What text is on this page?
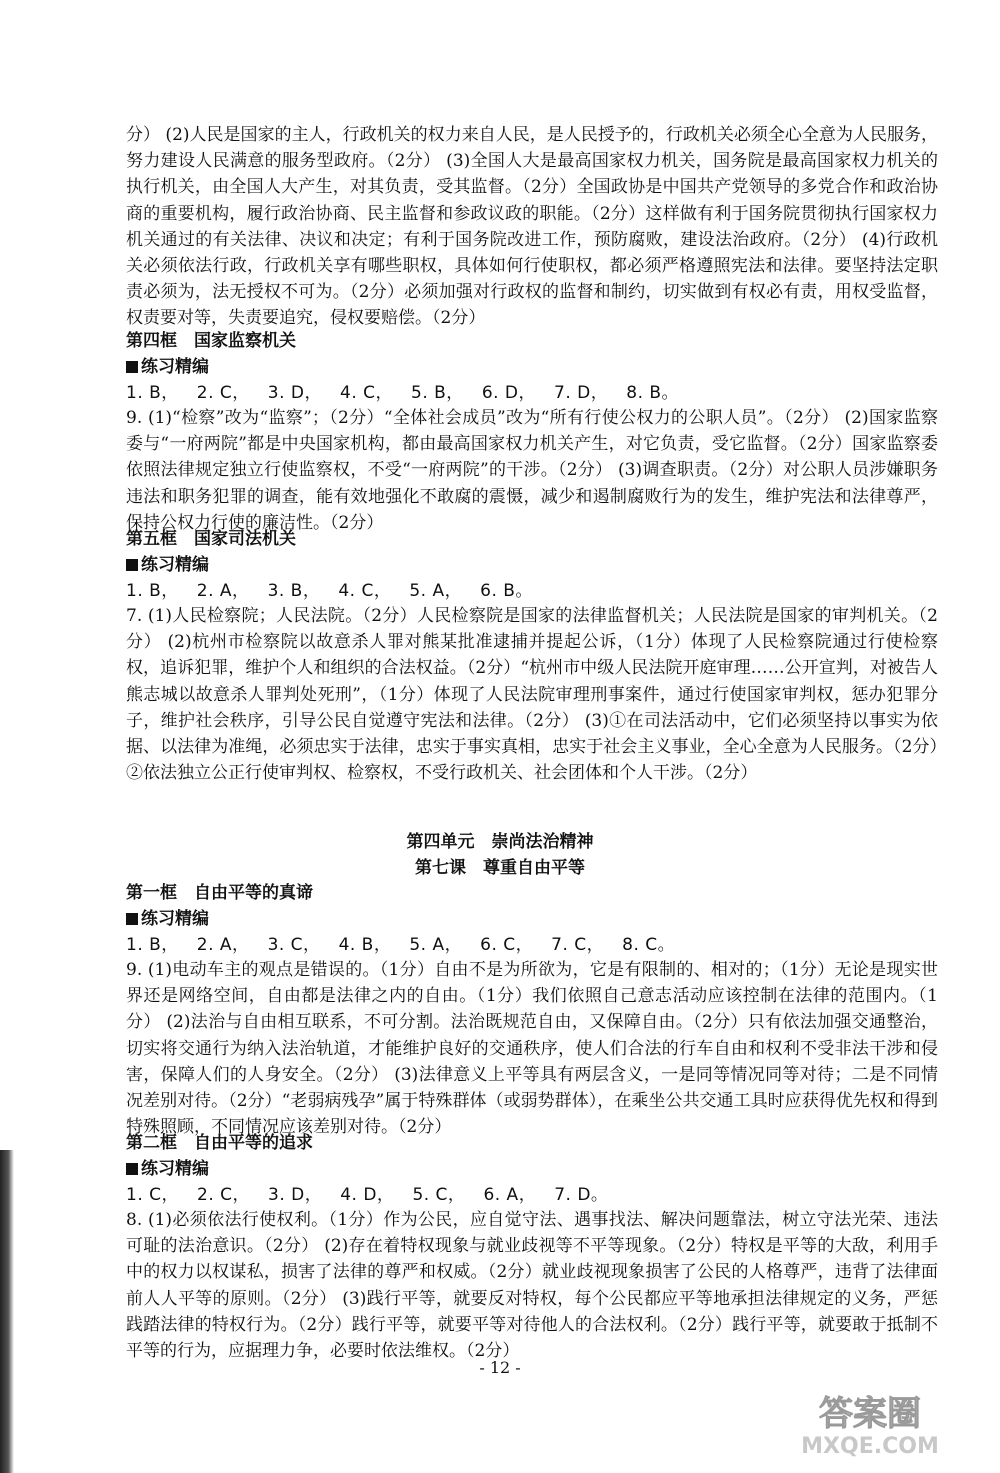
分） (2)人民是国家的主人，行政机关的权力来自人民，是人民授予的，行政机关必须全心全意为人民服务，努力建设人民满意的服务型政府。（2分） (3)全国人大是最高国家权力机关，国务院是最高国家权力机关的执行机关，由全国人大产生，对其负责，受其监督。（2分）全国政协是中国共产党领导的多党合作和政治协商的重要机构，履行政治协商、民主监督和参政议政的职能。（2分）这样做有利于国务院贯彻执行国家权力机关通过的有关法律、决议和决定；有利于国务院改进工作，预防腐败，建设法治政府。（2分） (4)行政机关必须依法行政，行政机关享有哪些职权，具体如何行使职权，都必须严格遵照宪法和法律。要坚持法定职责必须为，法无授权不可为。（2分）必须加强对行政权的监督和制约，切实做到有权必有责，用权受监督，权责要对等，失责要追究，侵权要赔偿。（2分）

第四框　国家监察机关
练习精编
1. B， 2. C， 3. D， 4. C， 5. B， 6. D， 7. D， 8. B。

9. (1)“检察”改为“监察”；（2分）“全体社会成员”改为“所有行使公权力的公职人员”。（2分） (2)国家监察委与“一府两院”都是中央国家机构，都由最高国家权力机关产生，对它负责，受它监督。（2分）国家监察委依照法律规定独立行使监察权，不受“一府两院”的干涉。（2分） (3)调查职责。（2分）对公职人员涉嫌职务违法和职务犯罪的调查，能有效地强化不敢腐的震慑，减少和遏制腐败行为的发生，维护宪法和法律尊严，保持公权力行使的廉洁性。（2分）

第五框　国家司法机关
练习精编
1. B， 2. A， 3. B， 4. C， 5. A， 6. B。

7. (1)人民检察院；人民法院。（2分）人民检察院是国家的法律监督机关；人民法院是国家的审判机关。（2分） (2)杭州市检察院以故意杀人罪对熊某批准逮捕并提起公诉，（1分）体现了人民检察院通过行使检察权，追诉犯罪，维护个人和组织的合法权益。（2分）“杭州市中级人民法院开庭审理……公开宣判，对被告人熊志城以故意杀人罪判处死刑”，（1分）体现了人民法院审理刑事案件，通过行使国家审判权，惩办犯罪分子，维护社会秩序，引导公民自觉遵守宪法和法律。（2分） (3)①在司法活动中，它们必须坚持以事实为依据、以法律为准绳，必须忠实于法律，忠实于事实真相，忠实于社会主义事业，全心全意为人民服务。（2分）②依法独立公正行使审判权、检察权，不受行政机关、社会团体和个人干涉。（2分）

第四单元　崇尚法治精神
第七课　尊重自由平等
第一框　自由平等的真谛
练习精编
1. B， 2. A， 3. C， 4. B， 5. A， 6. C， 7. C， 8. C。

9. (1)电动车主的观点是错误的。（1分）自由不是为所欲为，它是有限制的、相对的；（1分）无论是现实世界还是网络空间，自由都是法律之内的自由。（1分）我们依照自己意志活动应该控制在法律的范围内。（1分） (2)法治与自由相互联系，不可分割。法治既规范自由，又保障自由。（2分）只有依法加强交通整治，切实将交通行为纳入法治轨道，才能维护良好的交通秩序，使人们合法的行车自由和权利不受非法干涉和侵害，保障人们的人身安全。（2分） (3)法律意义上平等具有两层含义，一是同等情况同等对待；二是不同情况差别对待。（2分）“老弱病残孕”属于特殊群体（或弱势群体），在乘坐公共交通工具时应获得优先权和得到特殊照顾，不同情况应该差别对待。（2分）

第二框　自由平等的追求
练习精编
1. C， 2. C， 3. D， 4. D， 5. C， 6. A， 7. D。

8. (1)必须依法行使权利。（1分）作为公民，应自觉守法、遇事找法、解决问题靠法，树立守法光荣、违法可耻的法治意识。（2分） (2)存在着特权现象与就业歧视等不平等现象。（2分）特权是平等的大敌，利用手中的权力以权谋私，损害了法律的尊严和权威。（2分）就业歧视现象损害了公民的人格尊严，违背了法律面前人人平等的原则。（2分） (3)践行平等，就要反对特权，每个公民都应平等地承担法律规定的义务，严惩践踏法律的特权行为。（2分）践行平等，就要平等对待他人的合法权利。（2分）践行平等，就要敢于抵制不平等的行为，应据理力争，必要时依法维权。（2分）

- 12 -
答案圈
MXQE.COM
